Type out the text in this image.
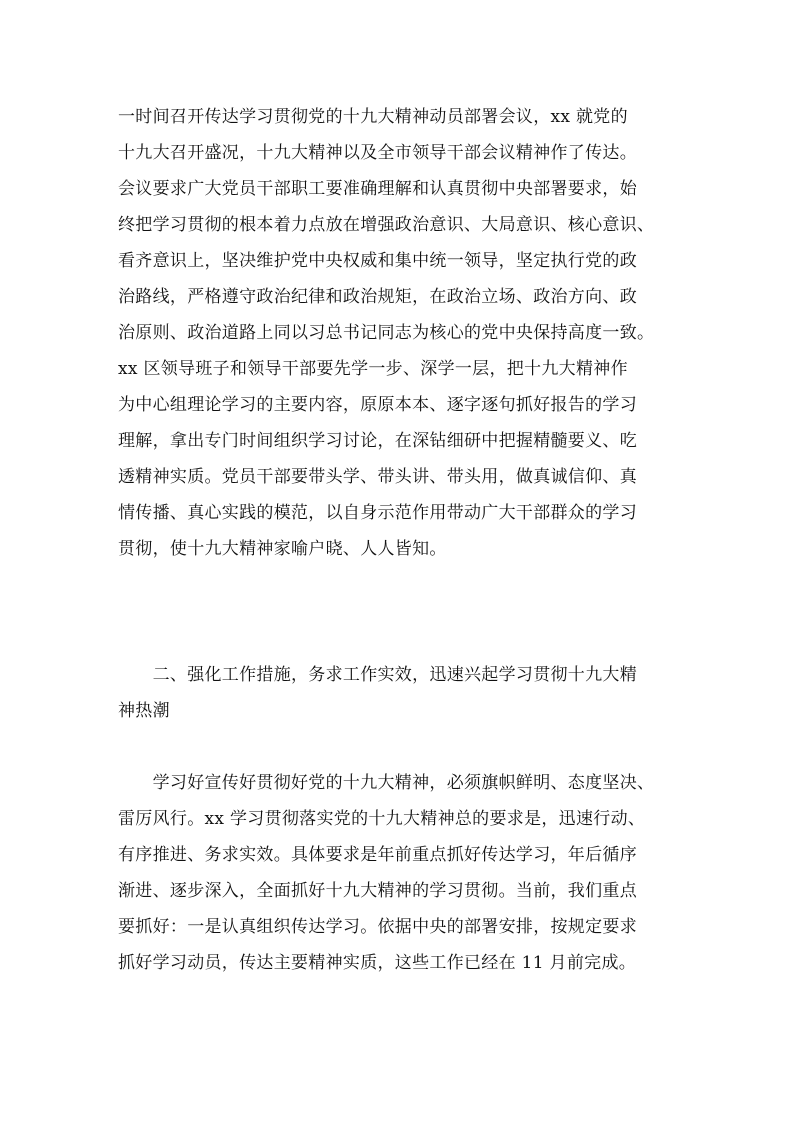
一时间召开传达学习贯彻党的十九大精神动员部署会议，xx 就党的
十九大召开盛况，十九大精神以及全市领导干部会议精神作了传达。
会议要求广大党员干部职工要准确理解和认真贯彻中央部署要求，始
终把学习贯彻的根本着力点放在增强政治意识、大局意识、核心意识、
看齐意识上，坚决维护党中央权威和集中统一领导，坚定执行党的政
治路线，严格遵守政治纪律和政治规矩，在政治立场、政治方向、政
治原则、政治道路上同以习总书记同志为核心的党中央保持高度一致。
xx 区领导班子和领导干部要先学一步、深学一层，把十九大精神作
为中心组理论学习的主要内容，原原本本、逐字逐句抓好报告的学习
理解，拿出专门时间组织学习讨论，在深钻细研中把握精髓要义、吃
透精神实质。党员干部要带头学、带头讲、带头用，做真诚信仰、真
情传播、真心实践的模范，以自身示范作用带动广大干部群众的学习
贯彻，使十九大精神家喻户晓、人人皆知。
　　二、强化工作措施，务求工作实效，迅速兴起学习贯彻十九大精
神热潮
　　学习好宣传好贯彻好党的十九大精神，必须旗帜鲜明、态度坚决、
雷厉风行。xx 学习贯彻落实党的十九大精神总的要求是，迅速行动、
有序推进、务求实效。具体要求是年前重点抓好传达学习，年后循序
渐进、逐步深入，全面抓好十九大精神的学习贯彻。当前，我们重点
要抓好：一是认真组织传达学习。依据中央的部署安排，按规定要求
抓好学习动员，传达主要精神实质，这些工作已经在 11 月前完成。
